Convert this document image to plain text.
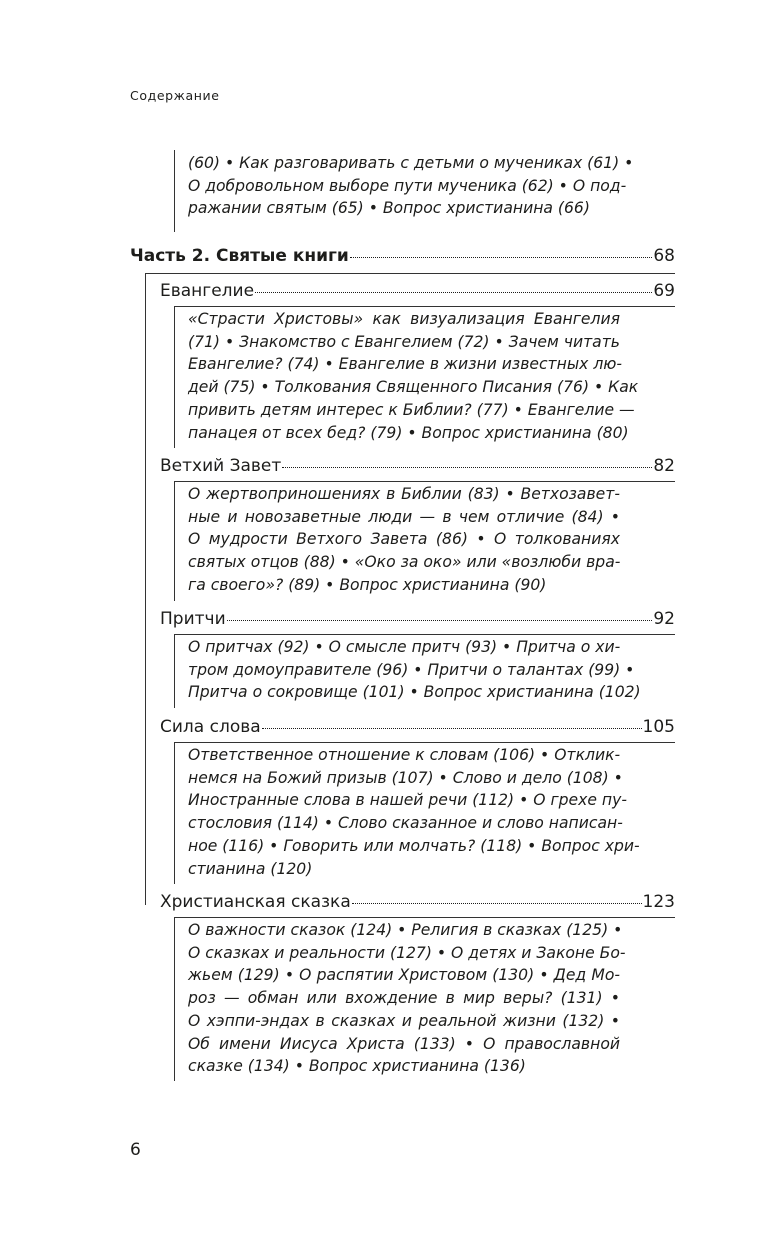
Содержание
(60) • Как разговаривать с детьми о мучениках (61) •
О добровольном выборе пути мученика (62) • О под-
ражании святым (65) • Вопрос христианина (66)
Часть 2. Святые книги	68
Евангелие	69
«Страсти Христовы» как визуализация Евангелия
(71) • Знакомство с Евангелием (72) • Зачем читать
Евангелие? (74) • Евангелие в жизни известных лю-
дей (75) • Толкования Священного Писания (76) • Как
привить детям интерес к Библии? (77) • Евангелие —
панацея от всех бед? (79) • Вопрос христианина (80)
Ветхий Завет	82
О жертвоприношениях в Библии (83) • Ветхозавет-
ные и новозаветные люди — в чем отличие (84) •
О мудрости Ветхого Завета (86) • О толкованиях
святых отцов (88) • «Око за око» или «возлюби вра-
га своего»? (89) • Вопрос христианина (90)
Притчи	92
О притчах (92) • О смысле притч (93) • Притча о хи-
тром домоуправителе (96) • Притчи о талантах (99) •
Притча о сокровище (101) • Вопрос христианина (102)
Сила слова	105
Ответственное отношение к словам (106) • Отклик-
немся на Божий призыв (107) • Слово и дело (108) •
Иностранные слова в нашей речи (112) • О грехе пу-
стословия (114) • Слово сказанное и слово написан-
ное (116) • Говорить или молчать? (118) • Вопрос хри-
стианина (120)
Христианская сказка	123
О важности сказок (124) • Религия в сказках (125) •
О сказках и реальности (127) • О детях и Законе Бо-
жьем (129) • О распятии Христовом (130) • Дед Мо-
роз — обман или вхождение в мир веры? (131) •
О хэппи-эндах в сказках и реальной жизни (132) •
Об имени Иисуса Христа (133) • О православной
сказке (134) • Вопрос христианина (136)
6
